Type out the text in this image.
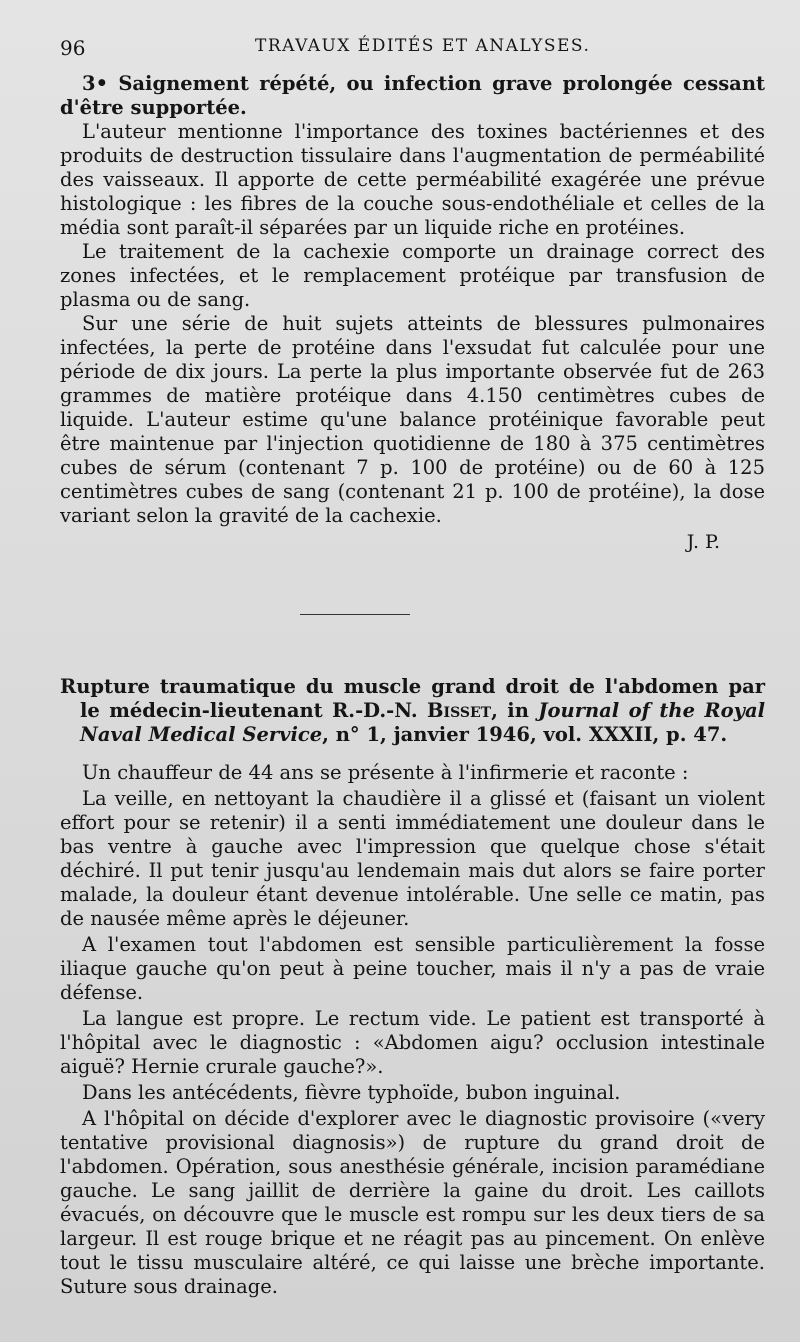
96	TRAVAUX ÉDITÉS ET ANALYSES.

3• Saignement répété, ou infection grave prolongée cessant d'être supportée.

L'auteur mentionne l'importance des toxines bactériennes et des produits de destruction tissulaire dans l'augmentation de perméabilité des vaisseaux. Il apporte de cette perméabilité exagérée une prévue histologique : les fibres de la couche sous-endothéliale et celles de la média sont paraît-il séparées par un liquide riche en protéines.

Le traitement de la cachexie comporte un drainage correct des zones infectées, et le remplacement protéique par transfusion de plasma ou de sang.

Sur une série de huit sujets atteints de blessures pulmonaires infectées, la perte de protéine dans l'exsudat fut calculée pour une période de dix jours. La perte la plus importante observée fut de 263 grammes de matière protéique dans 4.150 centimètres cubes de liquide. L'auteur estime qu'une balance protéinique favorable peut être maintenue par l'injection quotidienne de 180 à 375 centimètres cubes de sérum (contenant 7 p. 100 de protéine) ou de 60 à 125 centimètres cubes de sang (contenant 21 p. 100 de protéine), la dose variant selon la gravité de la cachexie.

J. P.

Rupture traumatique du muscle grand droit de l'abdomen par le médecin-lieutenant R.-D.-N. Bisset, in Journal of the Royal Naval Medical Service, n° 1, janvier 1946, vol. XXXII, p. 47.

Un chauffeur de 44 ans se présente à l'infirmerie et raconte :

La veille, en nettoyant la chaudière il a glissé et (faisant un violent effort pour se retenir) il a senti immédiatement une douleur dans le bas ventre à gauche avec l'impression que quelque chose s'était déchiré. Il put tenir jusqu'au lendemain mais dut alors se faire porter malade, la douleur étant devenue intolérable. Une selle ce matin, pas de nausée même après le déjeuner.

A l'examen tout l'abdomen est sensible particulièrement la fosse iliaque gauche qu'on peut à peine toucher, mais il n'y a pas de vraie défense.

La langue est propre. Le rectum vide. Le patient est transporté à l'hôpital avec le diagnostic : «Abdomen aigu? occlusion intestinale aiguë? Hernie crurale gauche?».

Dans les antécédents, fièvre typhoïde, bubon inguinal.

A l'hôpital on décide d'explorer avec le diagnostic provisoire («very tentative provisional diagnosis») de rupture du grand droit de l'abdomen. Opération, sous anesthésie générale, incision paramédiane gauche. Le sang jaillit de derrière la gaine du droit. Les caillots évacués, on découvre que le muscle est rompu sur les deux tiers de sa largeur. Il est rouge brique et ne réagit pas au pincement. On enlève tout le tissu musculaire altéré, ce qui laisse une brèche importante. Suture sous drainage.
